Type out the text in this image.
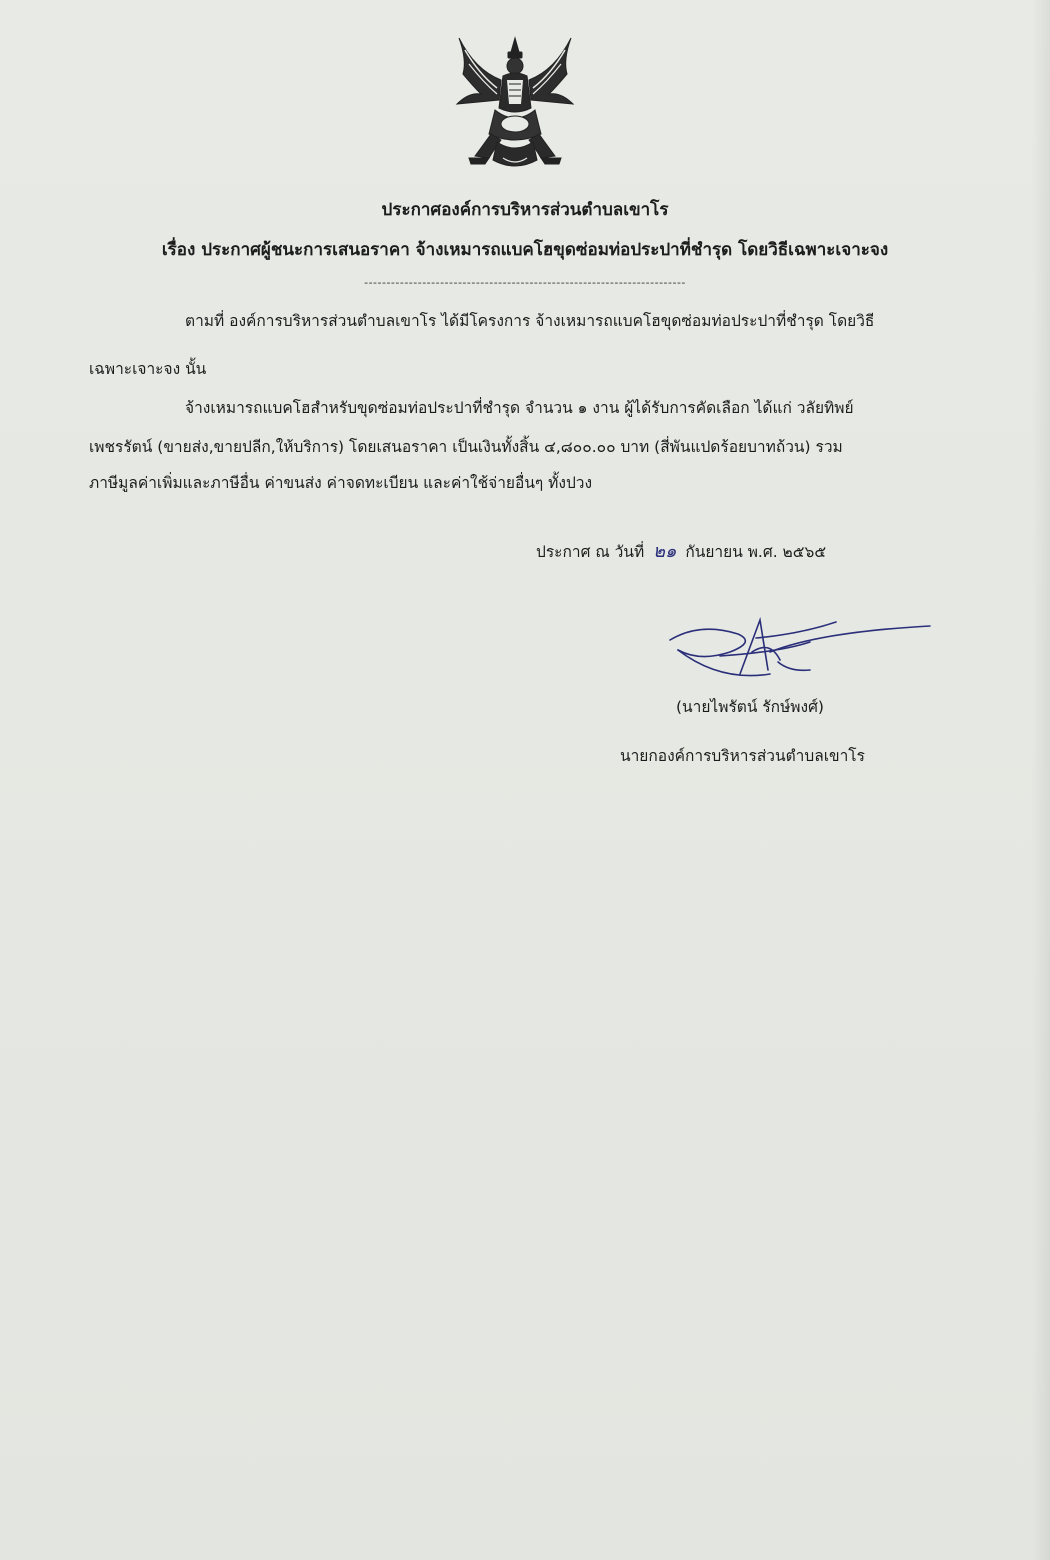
ประกาศองค์การบริหารส่วนตำบลเขาโร
เรื่อง ประกาศผู้ชนะการเสนอราคา จ้างเหมารถแบคโฮขุดซ่อมท่อประปาที่ชำรุด โดยวิธีเฉพาะเจาะจง
------------------------------------------------------------------------
ตามที่ องค์การบริหารส่วนตำบลเขาโร ได้มีโครงการ จ้างเหมารถแบคโฮขุดซ่อมท่อประปาที่ชำรุด โดยวิธี
เฉพาะเจาะจง นั้น
จ้างเหมารถแบคโฮสำหรับขุดซ่อมท่อประปาที่ชำรุด จำนวน ๑ งาน ผู้ได้รับการคัดเลือก ได้แก่ วลัยทิพย์
เพชรรัตน์ (ขายส่ง,ขายปลีก,ให้บริการ) โดยเสนอราคา เป็นเงินทั้งสิ้น ๔,๘๐๐.๐๐ บาท (สี่พันแปดร้อยบาทถ้วน) รวม
ภาษีมูลค่าเพิ่มและภาษีอื่น ค่าขนส่ง ค่าจดทะเบียน และค่าใช้จ่ายอื่นๆ ทั้งปวง
ประกาศ ณ วันที่ ๒๑ กันยายน พ.ศ. ๒๕๖๕
(นายไพรัตน์ รักษ์พงศ์)
นายกองค์การบริหารส่วนตำบลเขาโร
